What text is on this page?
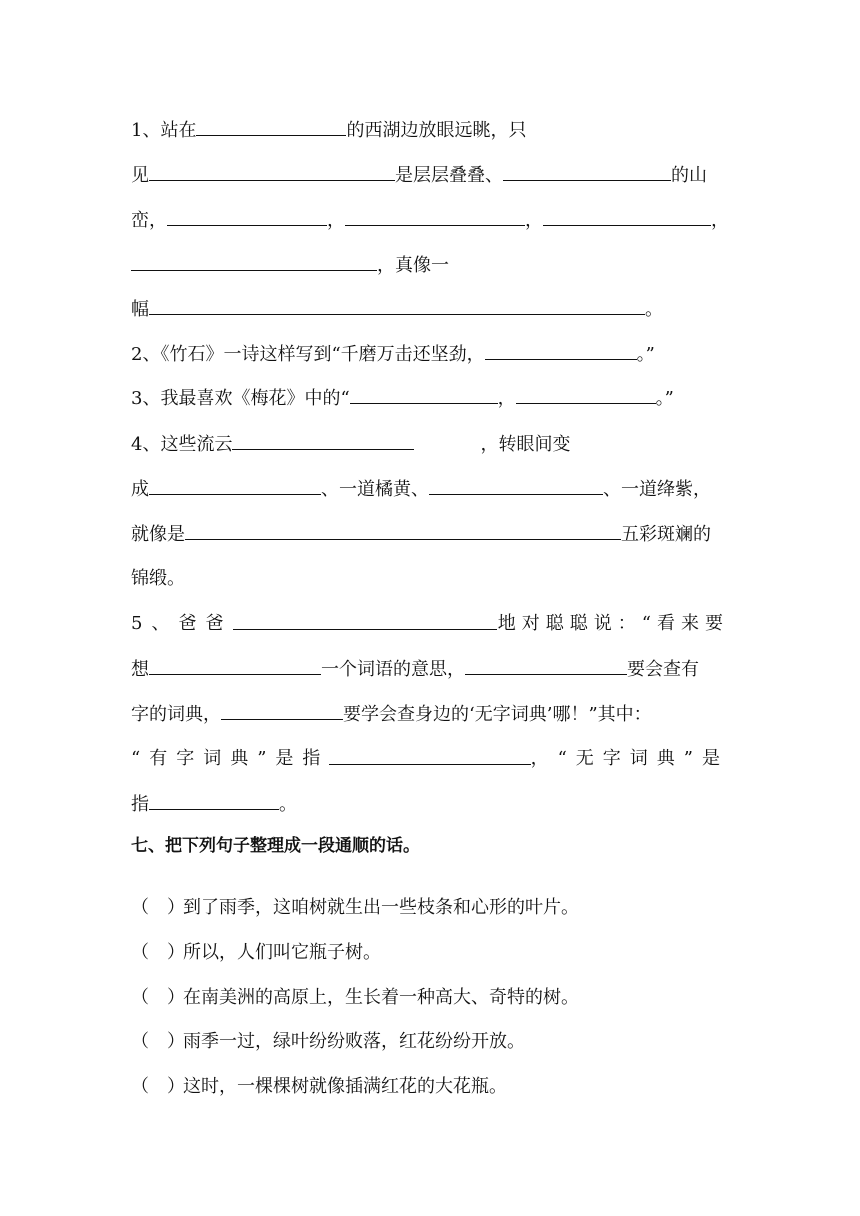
1、站在	的西湖边放眼远眺，只
见	是层层叠叠、	的山
峦，	，	，	，
，真像一
幅	。
2、《竹石》一诗这样写到“千磨万击还坚劲，	。”
3、我最喜欢《梅花》中的“	，	。”
4、这些流云	，转眼间变
成	、一道橘黄、	、一道绛紫，
就像是	五彩斑斓的
锦缎。
5、爸爸	地对聪聪说：“看来要
想	一个词语的意思，	要会查有
字的词典，	要学会查身边的‘无字词典’哪！”其中：
“有字词典”是指	，“无字词典”是
指	。
七、把下列句子整理成一段通顺的话。
（　）到了雨季，这咱树就生出一些枝条和心形的叶片。
（　）所以，人们叫它瓶子树。
（　）在南美洲的高原上，生长着一种高大、奇特的树。
（　）雨季一过，绿叶纷纷败落，红花纷纷开放。
（　）这时，一棵棵树就像插满红花的大花瓶。
